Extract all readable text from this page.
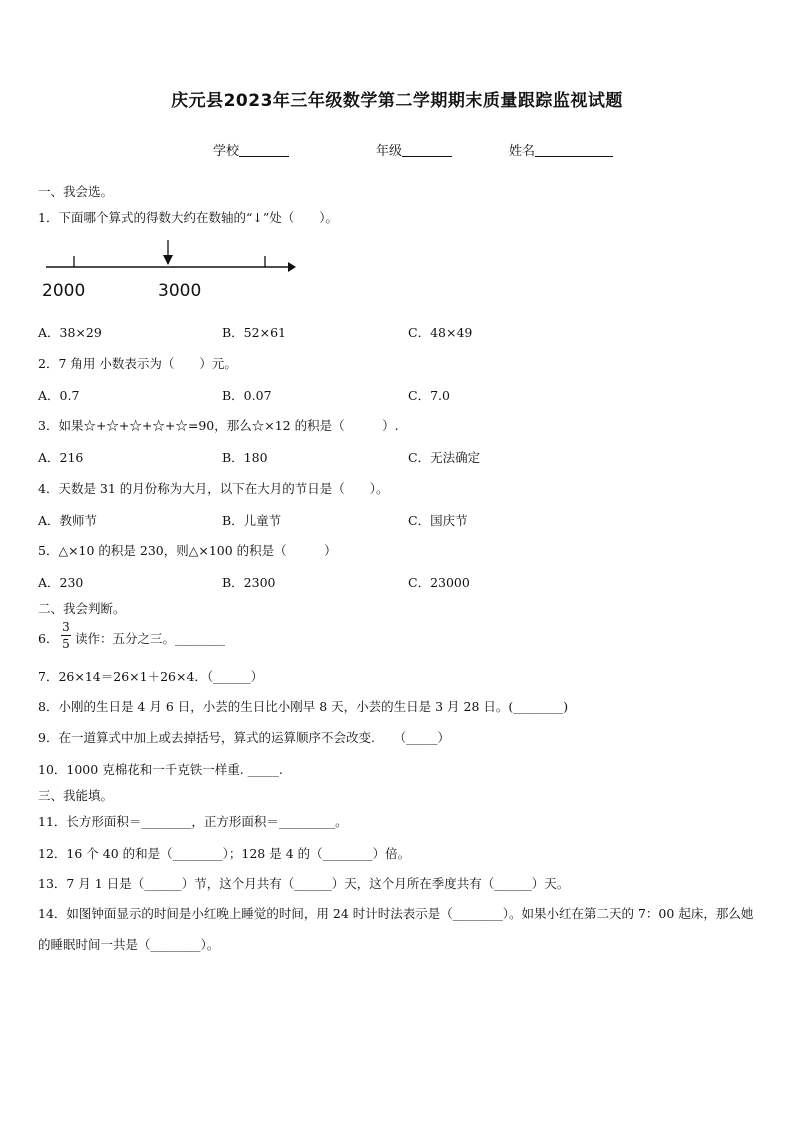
庆元县2023年三年级数学第二学期期末质量跟踪监视试题
学校	年级	姓名
一、我会选。
1．下面哪个算式的得数大约在数轴的“↓”处（　　）。
2000	3000
A．38×29	B．52×61	C．48×49
2．7 角用 小数表示为（　　）元。
A．0.7	B．0.07	C．7.0
3．如果☆+☆+☆+☆+☆=90，那么☆×12 的积是（　　　）.
A．216	B．180	C．无法确定
4．天数是 31 的月份称为大月，以下在大月的节日是（　　）。
A．教师节	B．儿童节	C．国庆节
5．△×10 的积是 230，则△×100 的积是（　　　）
A．230	B．2300	C．23000
二、我会判断。
6．
3
5 读作：五分之三。________
7．26×14＝26×1＋26×4．（______）
8．小刚的生日是 4 月 6 日，小芸的生日比小刚早 8 天，小芸的生日是 3 月 28 日。(________)
9．在一道算式中加上或去掉括号，算式的运算顺序不会改变.　　（_____）
10．1000 克棉花和一千克铁一样重. _____.
三、我能填。
11．长方形面积＝________，正方形面积＝_________。
12．16 个 40 的和是（________）；128 是 4 的（________）倍。
13．7 月 1 日是（______）节，这个月共有（______）天，这个月所在季度共有（______）天。
14．如图钟面显示的时间是小红晚上睡觉的时间，用 24 时计时法表示是（________）。如果小红在第二天的 7：00 起床，那么她的睡眠时间一共是（________）。
